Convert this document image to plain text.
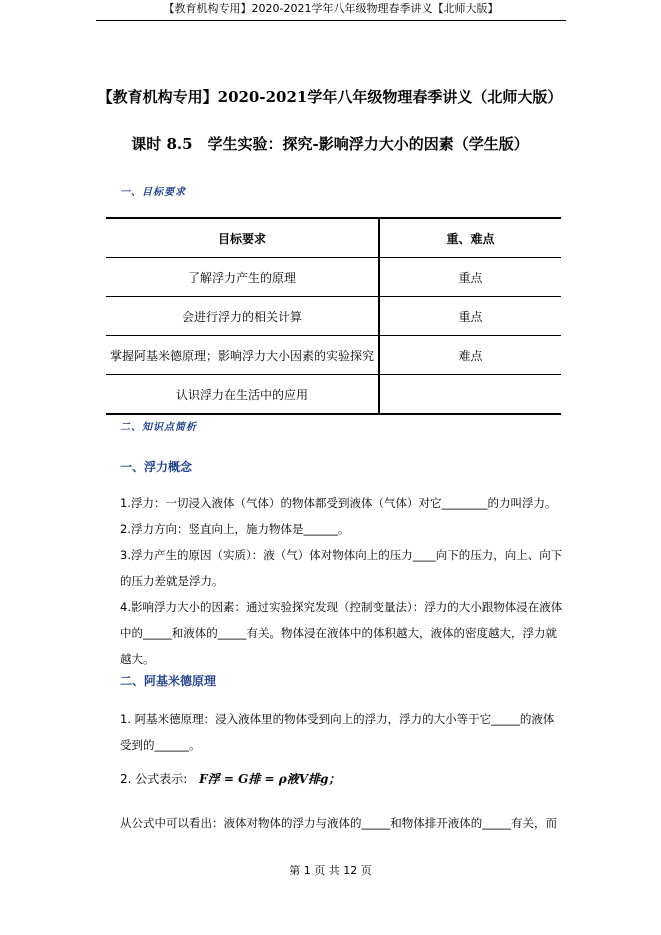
【教育机构专用】2020-2021学年八年级物理春季讲义【北师大版】
【教育机构专用】2020-2021学年八年级物理春季讲义（北师大版）
课时 8.5　学生实验：探究-影响浮力大小的因素（学生版）
一、目标要求
目标要求	重、难点
了解浮力产生的原理	重点
会进行浮力的相关计算	重点
掌握阿基米德原理；影响浮力大小因素的实验探究	难点
认识浮力在生活中的应用	
二、知识点简析
一、浮力概念
1.浮力：一切浸入液体（气体）的物体都受到液体（气体）对它________的力叫浮力。
2.浮力方向：竖直向上，施力物体是______。
3.浮力产生的原因（实质）：液（气）体对物体向上的压力____向下的压力，向上、向下的压力差就是浮力。
4.影响浮力大小的因素：通过实验探究发现（控制变量法）：浮力的大小跟物体浸在液体中的_____和液体的_____有关。物体浸在液体中的体积越大，液体的密度越大，浮力就越大。
二、阿基米德原理
1. 阿基米德原理：浸入液体里的物体受到向上的浮力，浮力的大小等于它_____的液体受到的______。
2. 公式表示: F浮 = G排 = ρ液V排g；
从公式中可以看出：液体对物体的浮力与液体的_____和物体排开液体的_____有关，而
第 1 页 共 12 页
